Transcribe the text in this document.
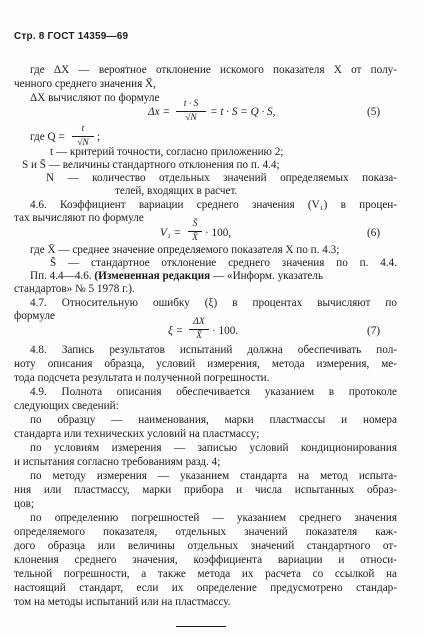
Стр. 8 ГОСТ 14359—69
где ΔX — вероятное отклонение искомого показателя X от полу-
ченного среднего значения X̄,
ΔX вычисляют по формуле
Δx =
t · S
√N	= t · S = Q · S,	(5)
где Q =
t
√N ;
t — критерий точности, согласно приложению 2;
S и S̄ — величины стандартного отклонения по п. 4.4;
N — количество отдельных значений определяемых показа-
телей, входящих в расчет.
4.6. Коэффициент вариации среднего значения (V₁) в процен-
тах вычисляют по формуле
V₁ =
S̄
X̄ · 100,	(6)
где X̄ — среднее значение определяемого показателя X по п. 4.3;
S̄ — стандартное отклонение среднего значения по п. 4.4.
Пп. 4.4—4.6. (Измененная редакция — «Информ. указатель
стандартов» № 5 1978 г.).
4.7. Относительную ошибку (ξ) в процентах вычисляют по
формуле
ξ =
ΔX
X̄ · 100.	(7)
4.8. Запись результатов испытаний должна обеспечивать пол-
ноту описания образца, условий измерения, метода измерения, ме-
тода подсчета результата и полученной погрешности.
4.9. Полнота описания обеспечивается указанием в протоколе
следующих сведений:
по образцу — наименования, марки пластмассы и номера
стандарта или технических условий на пластмассу;
по условиям измерения — записью условий кондиционирования
и испытания согласно требованиям разд. 4;
по методу измерения — указанием стандарта на метод испыта-
ния или пластмассу, марки прибора и числа испытанных образ-
цов;
по определению погрешностей — указанием среднего значения
определяемого показателя, отдельных значений показателя каж-
дого образца или величины отдельных значений стандартного от-
клонения среднего значения, коэффициента вариации и относи-
тельной погрешности, а также метода их расчета со ссылкой на
настоящий стандарт, если их определение предусмотрено стандар-
том на методы испытаний или на пластмассу.
